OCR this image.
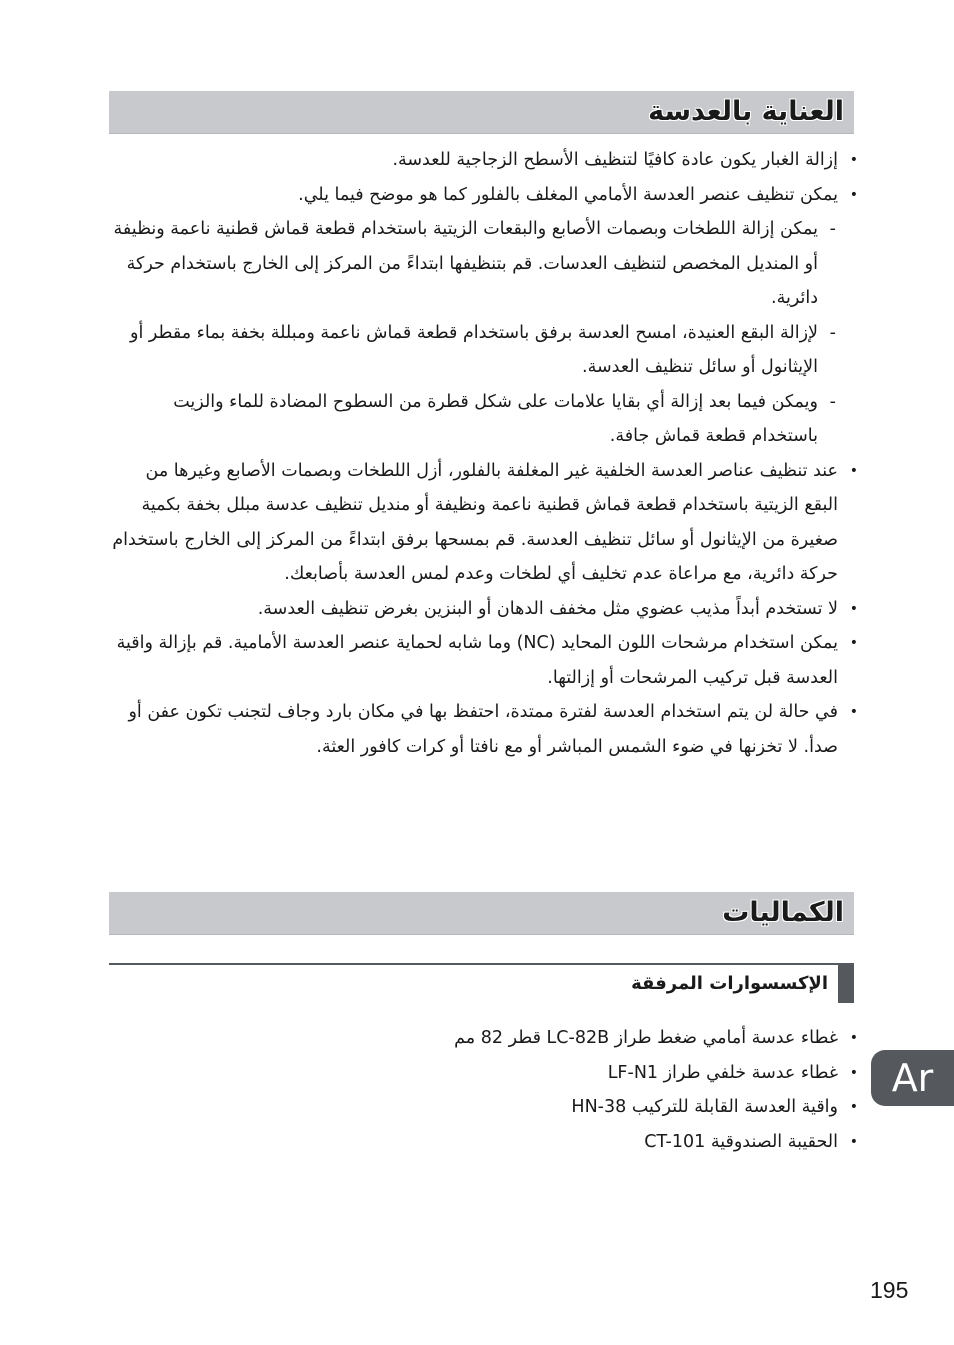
العناية بالعدسة
• إزالة الغبار يكون عادة كافيًا لتنظيف الأسطح الزجاجية للعدسة.
• يمكن تنظيف عنصر العدسة الأمامي المغلف بالفلور كما هو موضح فيما يلي.
- يمكن إزالة اللطخات وبصمات الأصابع والبقعات الزيتية باستخدام قطعة قماش قطنية ناعمة ونظيفة أو المنديل المخصص لتنظيف العدسات. قم بتنظيفها ابتداءً من المركز إلى الخارج باستخدام حركة دائرية.
- لإزالة البقع العنيدة، امسح العدسة برفق باستخدام قطعة قماش ناعمة ومبللة بخفة بماء مقطر أو الإيثانول أو سائل تنظيف العدسة.
- ويمكن فيما بعد إزالة أي بقايا علامات على شكل قطرة من السطوح المضادة للماء والزيت باستخدام قطعة قماش جافة.
• عند تنظيف عناصر العدسة الخلفية غير المغلفة بالفلور، أزل اللطخات وبصمات الأصابع وغيرها من البقع الزيتية باستخدام قطعة قماش قطنية ناعمة ونظيفة أو منديل تنظيف عدسة مبلل بخفة بكمية صغيرة من الإيثانول أو سائل تنظيف العدسة. قم بمسحها برفق ابتداءً من المركز إلى الخارج باستخدام حركة دائرية، مع مراعاة عدم تخليف أي لطخات وعدم لمس العدسة بأصابعك.
• لا تستخدم أبداً مذيب عضوي مثل مخفف الدهان أو البنزين بغرض تنظيف العدسة.
• يمكن استخدام مرشحات اللون المحايد (NC) وما شابه لحماية عنصر العدسة الأمامية. قم بإزالة واقية العدسة قبل تركيب المرشحات أو إزالتها.
• في حالة لن يتم استخدام العدسة لفترة ممتدة، احتفظ بها في مكان بارد وجاف لتجنب تكون عفن أو صدأ. لا تخزنها في ضوء الشمس المباشر أو مع نافتا أو كرات كافور العثة.
الكماليات
الإكسسوارات المرفقة
• غطاء عدسة أمامي ضغط طراز LC-82B قطر 82 مم
• غطاء عدسة خلفي طراز LF-N1
• واقية العدسة القابلة للتركيب HN-38
• الحقيبة الصندوقية CT-101
Ar
195
